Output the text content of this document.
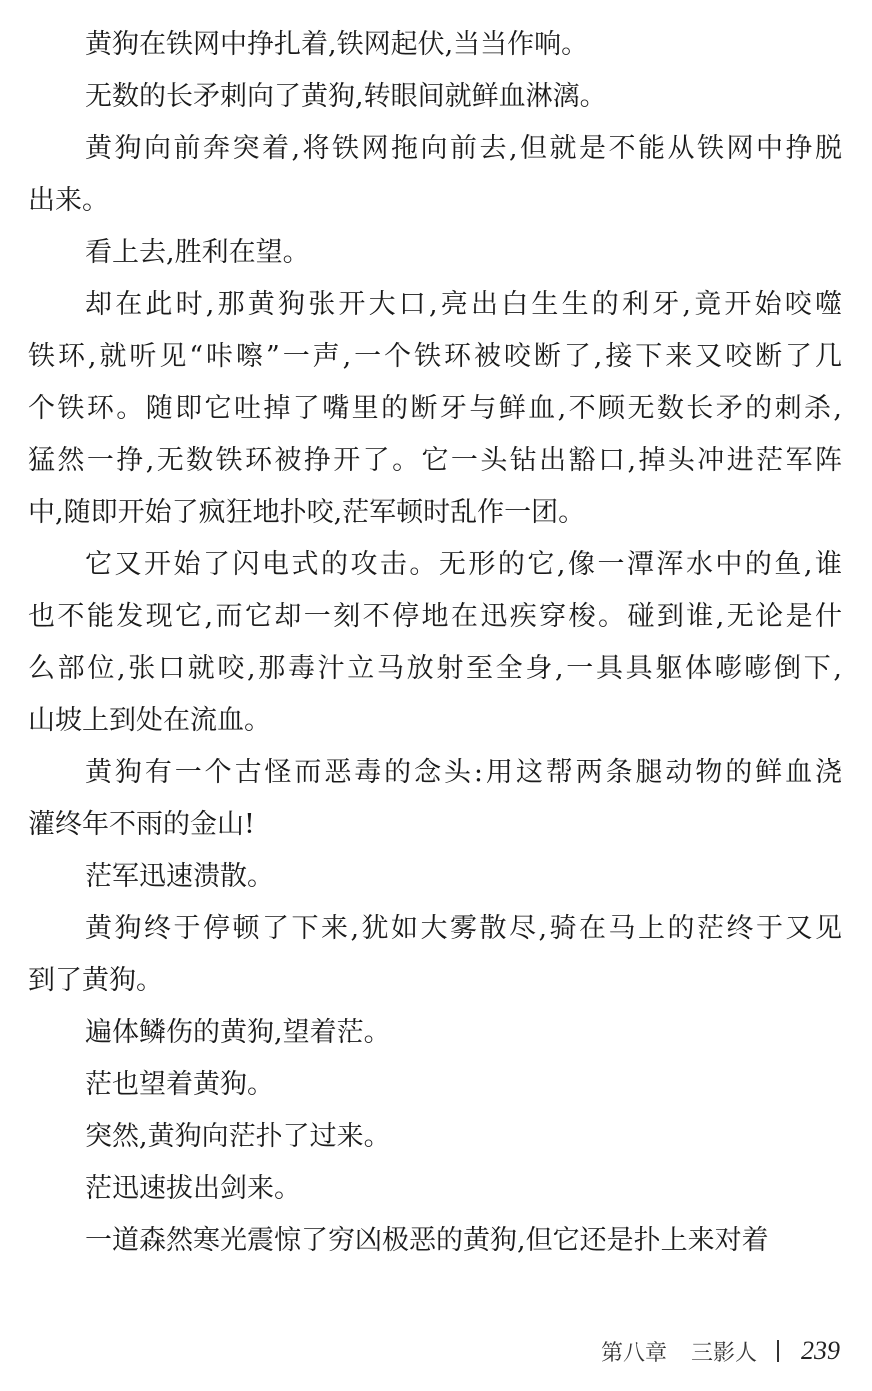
黄狗在铁网中挣扎着,铁网起伏,当当作响。
无数的长矛刺向了黄狗,转眼间就鲜血淋漓。
黄狗向前奔突着,将铁网拖向前去,但就是不能从铁网中挣脱
出来。
看上去,胜利在望。
却在此时,那黄狗张开大口,亮出白生生的利牙,竟开始咬噬
铁环,就听见“咔嚓”一声,一个铁环被咬断了,接下来又咬断了几
个铁环。随即它吐掉了嘴里的断牙与鲜血,不顾无数长矛的刺杀,
猛然一挣,无数铁环被挣开了。它一头钻出豁口,掉头冲进茫军阵
中,随即开始了疯狂地扑咬,茫军顿时乱作一团。
它又开始了闪电式的攻击。无形的它,像一潭浑水中的鱼,谁
也不能发现它,而它却一刻不停地在迅疾穿梭。碰到谁,无论是什
么部位,张口就咬,那毒汁立马放射至全身,一具具躯体嘭嘭倒下,
山坡上到处在流血。
黄狗有一个古怪而恶毒的念头:用这帮两条腿动物的鲜血浇
灌终年不雨的金山!
茫军迅速溃散。
黄狗终于停顿了下来,犹如大雾散尽,骑在马上的茫终于又见
到了黄狗。
遍体鳞伤的黄狗,望着茫。
茫也望着黄狗。
突然,黄狗向茫扑了过来。
茫迅速拔出剑来。
一道森然寒光震惊了穷凶极恶的黄狗,但它还是扑上来对着
第八章 三影人 239
